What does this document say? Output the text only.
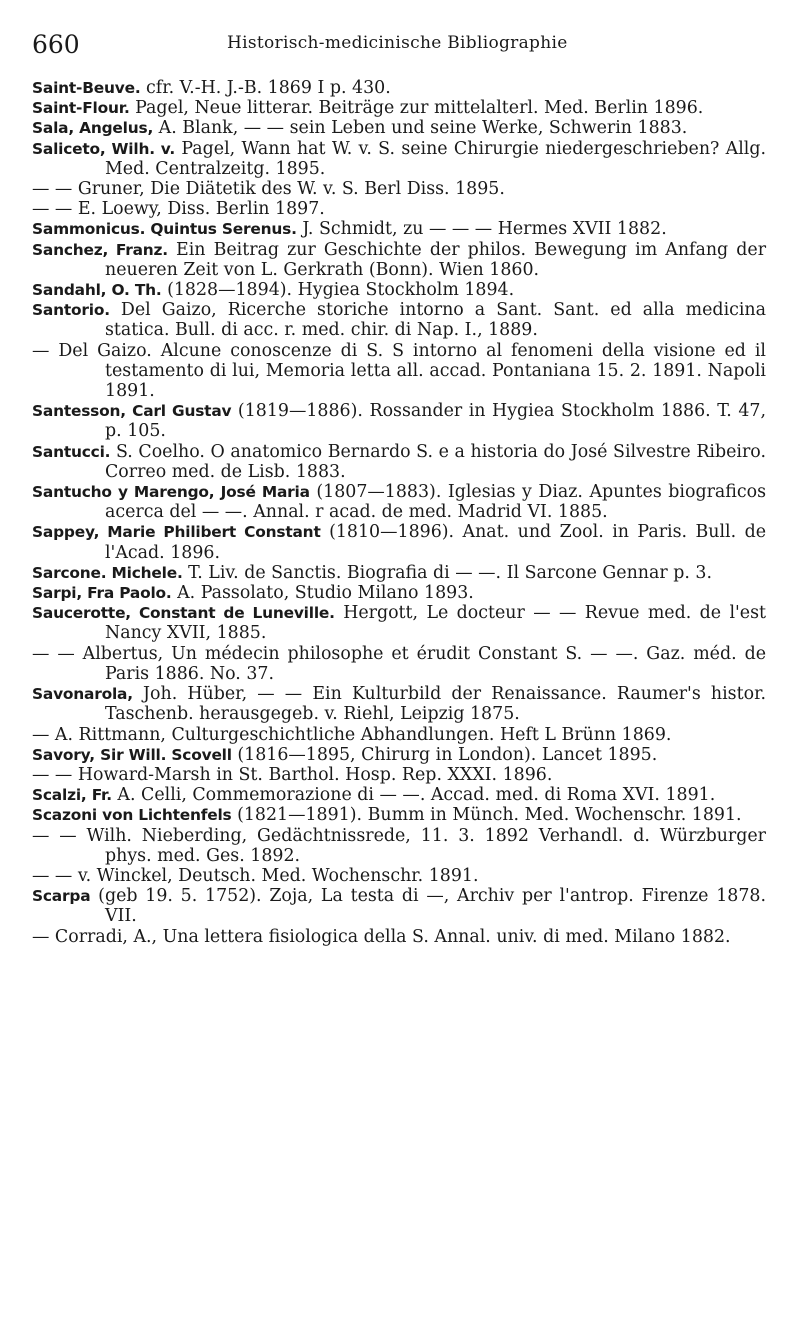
660	Historisch-medicinische Bibliographie

Saint-Beuve. cfr. V.-H. J.-B. 1869 I p. 430.

Saint-Flour. Pagel, Neue litterar. Beiträge zur mittelalterl. Med. Berlin 1896.

Sala, Angelus, A. Blank, — — sein Leben und seine Werke, Schwerin 1883.

Saliceto, Wilh. v. Pagel, Wann hat W. v. S. seine Chirurgie niedergeschrieben? Allg. Med. Centralzeitg. 1895.

— — Gruner, Die Diätetik des W. v. S. Berl Diss. 1895.

— — E. Loewy, Diss. Berlin 1897.

Sammonicus. Quintus Serenus. J. Schmidt, zu — — — Hermes XVII 1882.

Sanchez, Franz. Ein Beitrag zur Geschichte der philos. Bewegung im Anfang der neueren Zeit von L. Gerkrath (Bonn). Wien 1860.

Sandahl, O. Th. (1828—1894). Hygiea Stockholm 1894.

Santorio. Del Gaizo, Ricerche storiche intorno a Sant. Sant. ed alla medicina statica. Bull. di acc. r. med. chir. di Nap. I., 1889.

— Del Gaizo. Alcune conoscenze di S. S intorno al fenomeni della visione ed il testamento di lui, Memoria letta all. accad. Pontaniana 15. 2. 1891. Napoli 1891.

Santesson, Carl Gustav (1819—1886). Rossander in Hygiea Stockholm 1886. T. 47, p. 105.

Santucci. S. Coelho. O anatomico Bernardo S. e a historia do José Silvestre Ribeiro. Correo med. de Lisb. 1883.

Santucho y Marengo, José Maria (1807—1883). Iglesias y Diaz. Apuntes biograficos acerca del — —. Annal. r acad. de med. Madrid VI. 1885.

Sappey, Marie Philibert Constant (1810—1896). Anat. und Zool. in Paris. Bull. de l'Acad. 1896.

Sarcone. Michele. T. Liv. de Sanctis. Biografia di — —. Il Sarcone Gennar p. 3.

Sarpi, Fra Paolo. A. Passolato, Studio Milano 1893.

Saucerotte, Constant de Luneville. Hergott, Le docteur — — Revue med. de l'est Nancy XVII, 1885.

— — Albertus, Un médecin philosophe et érudit Constant S. — —. Gaz. méd. de Paris 1886. No. 37.

Savonarola, Joh. Hüber, — — Ein Kulturbild der Renaissance. Raumer's histor. Taschenb. herausgegeb. v. Riehl, Leipzig 1875.

— A. Rittmann, Culturgeschichtliche Abhandlungen. Heft L Brünn 1869.

Savory, Sir Will. Scovell (1816—1895, Chirurg in London). Lancet 1895.

— — Howard-Marsh in St. Barthol. Hosp. Rep. XXXI. 1896.

Scalzi, Fr. A. Celli, Commemorazione di — —. Accad. med. di Roma XVI. 1891.

Scazoni von Lichtenfels (1821—1891). Bumm in Münch. Med. Wochenschr. 1891.

— — Wilh. Nieberding, Gedächtnissrede, 11. 3. 1892 Verhandl. d. Würzburger phys. med. Ges. 1892.

— — v. Winckel, Deutsch. Med. Wochenschr. 1891.

Scarpa (geb 19. 5. 1752). Zoja, La testa di —, Archiv per l'antrop. Firenze 1878. VII.

— Corradi, A., Una lettera fisiologica della S. Annal. univ. di med. Milano 1882.
